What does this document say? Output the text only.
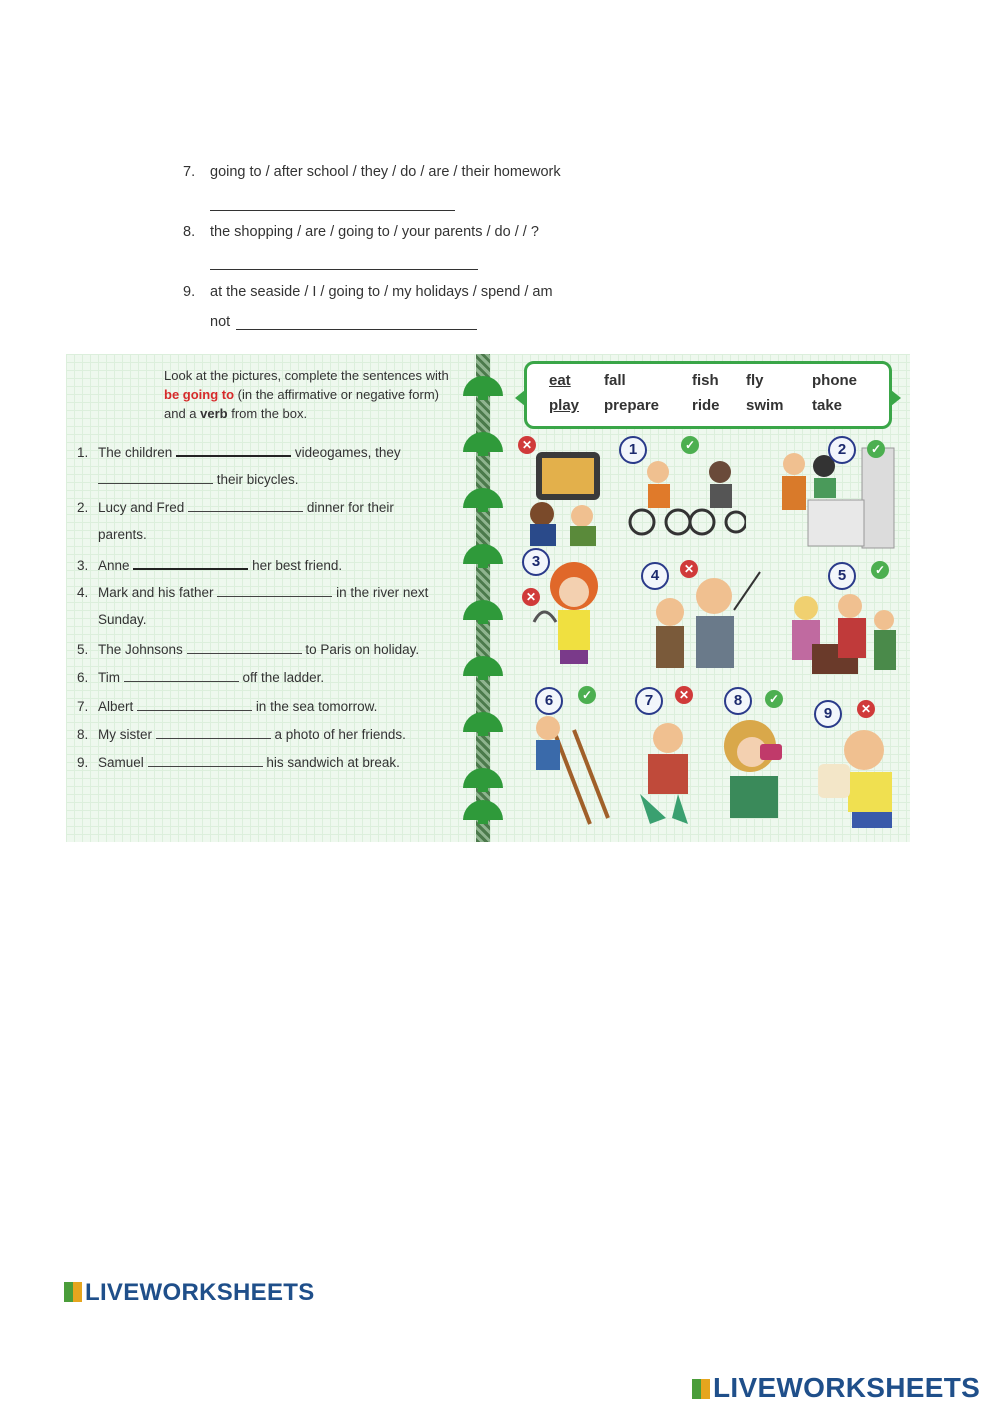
7. going to / after school / they / do / are / their homework
8. the shopping / are / going to / your parents / do / / ?
9. at the seaside / I / going to / my holidays / spend / am
not
Look at the pictures, complete the sentences with be going to (in the affirmative or negative form) and a verb from the box.
1. The children	videogames, they
their bicycles.
2. Lucy and Fred	dinner for their
parents.
3. Anne	her best friend.
4. Mark and his father	in the river next
Sunday.
5. The Johnsons	to Paris on holiday.
6. Tim	off the ladder.
7. Albert	in the sea tomorrow.
8. My sister	a photo of her friends.
9. Samuel	his sandwich at break.
eat fall	fish fly	phone
play prepare ride swim take
1	2
3
4	5
6	7	8
9
✕	✓	✓
✕
✕	✓
✓	✕	✓
✕
LIVEWORKSHEETS
LIVEWORKSHEETS
